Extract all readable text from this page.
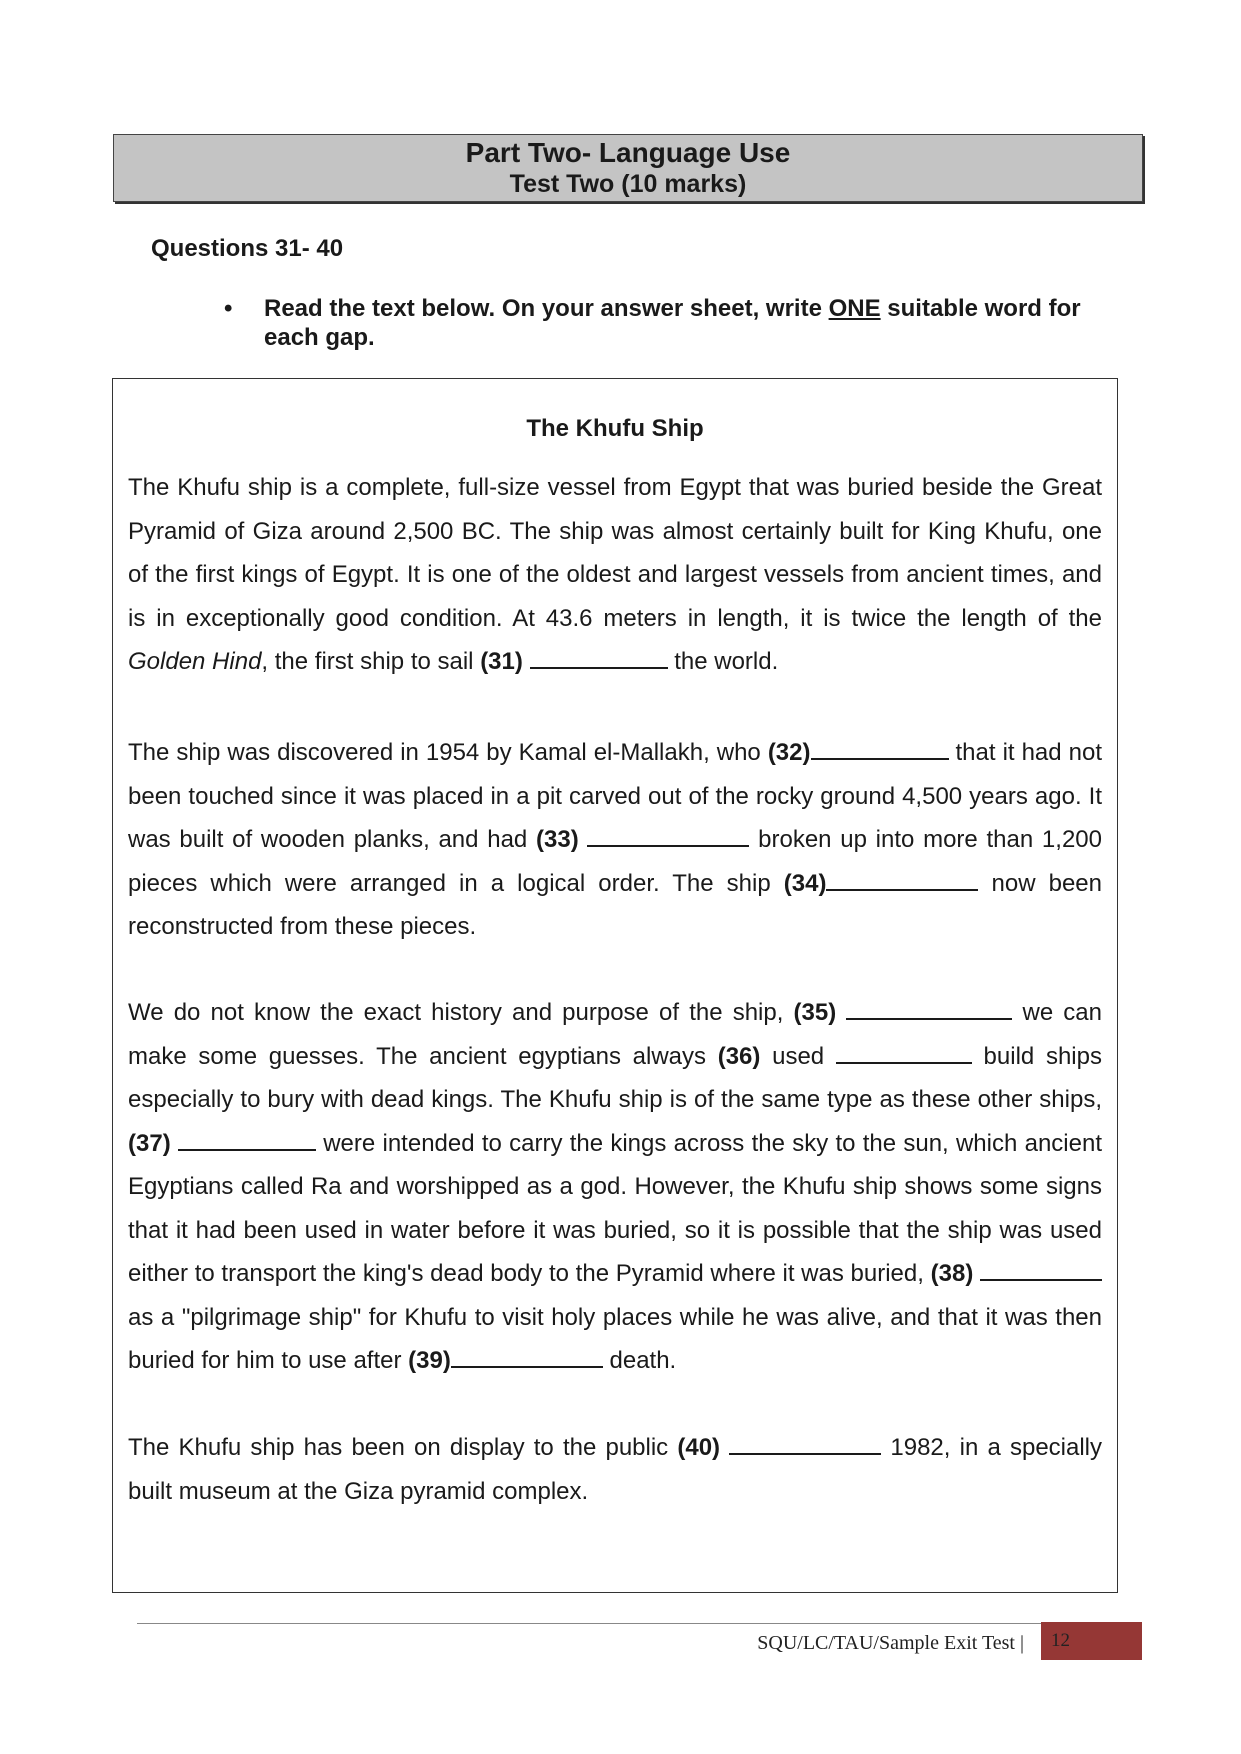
Part Two- Language Use
Test Two (10 marks)
Questions 31- 40
• Read the text below. On your answer sheet, write ONE suitable word for each gap.
The Khufu Ship
The Khufu ship is a complete, full-size vessel from Egypt that was buried beside the Great Pyramid of Giza around 2,500 BC. The ship was almost certainly built for King Khufu, one of the first kings of Egypt. It is one of the oldest and largest vessels from ancient times, and is in exceptionally good condition. At 43.6 meters in length, it is twice the length of the Golden Hind, the first ship to sail (31)	the world.
The ship was discovered in 1954 by Kamal el-Mallakh, who (32)	that it had not been touched since it was placed in a pit carved out of the rocky ground 4,500 years ago. It was built of wooden planks, and had (33)	broken up into more than 1,200 pieces which were arranged in a logical order. The ship (34)	now been reconstructed from these pieces.
We do not know the exact history and purpose of the ship, (35)	we can make some guesses. The ancient egyptians always (36) used	build ships especially to bury with dead kings. The Khufu ship is of the same type as these other ships, (37)	were intended to carry the kings across the sky to the sun, which ancient Egyptians called Ra and worshipped as a god. However, the Khufu ship shows some signs that it had been used in water before it was buried, so it is possible that the ship was used either to transport the king's dead body to the Pyramid where it was buried, (38)  as a "pilgrimage ship" for Khufu to visit holy places while he was alive, and that it was then buried for him to use after (39)	death.
The Khufu ship has been on display to the public (40)	1982, in a specially built museum at the Giza pyramid complex.
SQU/LC/TAU/Sample Exit Test |	12
